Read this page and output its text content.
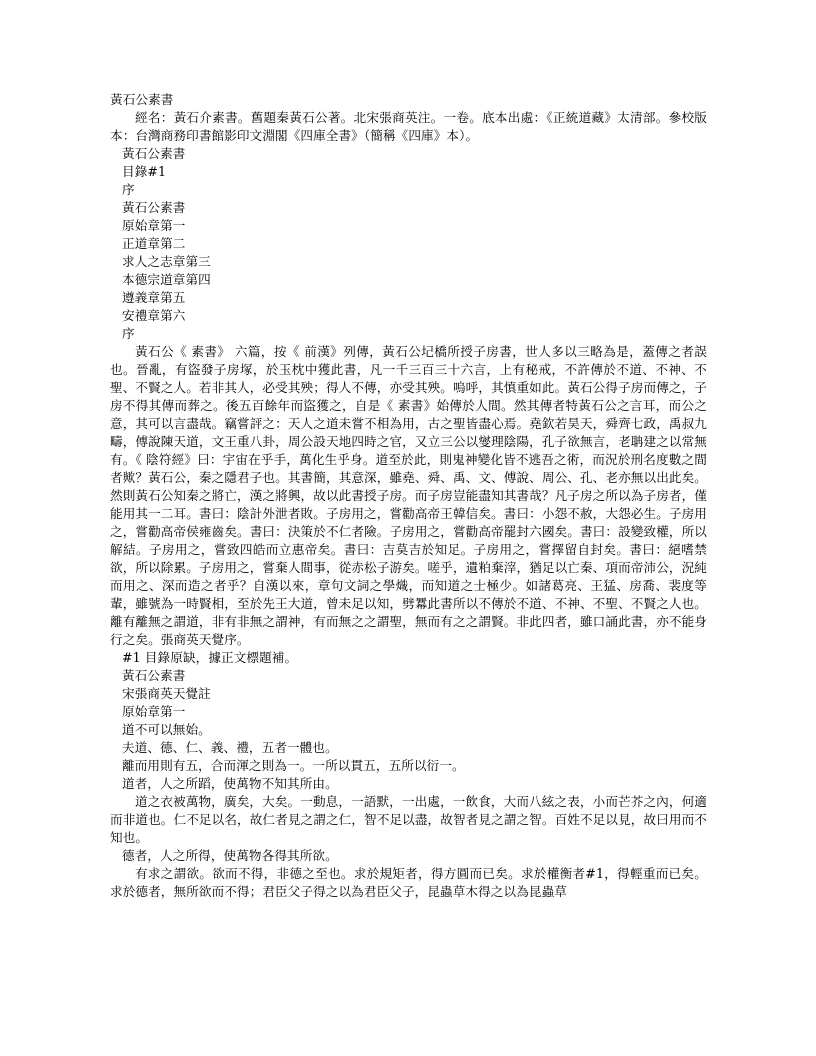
黃石公素書

經名：黃石介素書。舊題秦黃石公著。北宋張商英注。一卷。底本出處：《正統道藏》太清部。參校版本：台灣商務印書館影印文淵閣《四庫全書》（簡稱《四庫》本）。

黃石公素書

目錄#1

序

黃石公素書

原始章第一

正道章第二

求人之志章第三

本德宗道章第四

遵義章第五

安禮章第六

序

黃石公《 素書》 六篇，按《 前漢》列傳，黃石公圮橋所授子房書，世人多以三略為是，蓋傳之者誤也。晉亂，有盜發子房塚，於玉枕中獲此書，凡一千三百三十六言，上有秘戒，不許傳於不道、不神、不聖、不賢之人。若非其人，必受其殃；得人不傳，亦受其殃。嗚呼，其慎重如此。黃石公得子房而傳之，子房不得其傳而葬之。後五百餘年而盜獲之，自是《 素書》始傳於人間。然其傳者特黃石公之言耳，而公之意，其可以言盡哉。竊嘗評之：天人之道未嘗不相為用，古之聖皆盡心焉。堯欽若昊天，舜齊七政，禹叔九疇，傅說陳天道，文王重八卦，周公設天地四時之官，又立三公以燮理陰陽，孔子欲無言，老聃建之以常無有。《 陰符經》曰：宇宙在乎手，萬化生乎身。道至於此，則鬼神變化皆不逃吾之術，而況於刑名度數之間者歟？黃石公，秦之隱君子也。其書簡，其意深，雖堯、舜、禹、文、傅說、周公、孔、老亦無以出此矣。然則黃石公知秦之將亡，漢之將興，故以此書授子房。而子房豈能盡知其書哉？凡子房之所以為子房者，僅能用其一二耳。書曰：陰計外泄者敗。子房用之，嘗勸高帝王韓信矣。書曰：小怨不赦，大怨必生。子房用之，嘗勸高帝侯雍齒矣。書曰：決策於不仁者險。子房用之，嘗勸高帝罷封六國矣。書曰：設變致權，所以解結。子房用之，嘗致四皓而立惠帝矣。書曰：吉莫吉於知足。子房用之，嘗擇留自封矣。書曰：絕嗜禁欲，所以除累。子房用之，嘗棄人間事，從赤松子游矣。嗟乎，遺粕棄滓，猶足以亡秦、項而帝沛公，況純而用之、深而造之者乎？自漢以來，章句文詞之學熾，而知道之士極少。如諸葛亮、王猛、房喬、裴度等輩，雖號為一時賢相，至於先王大道，曾未足以知，劈羃此書所以不傳於不道、不神、不聖、不賢之人也。離有離無之謂道，非有非無之謂神，有而無之之謂聖，無而有之之謂賢。非此四者，雖口誦此書，亦不能身行之矣。張商英天覺序。

#1 目錄原缺，據正文標題補。

黃石公素書

宋張商英天覺註

原始章第一

道不可以無始。

夫道、德、仁、義、禮，五者一體也。

離而用則有五，合而渾之則為一。一所以貫五，五所以衍一。

道者，人之所蹈，使萬物不知其所由。

道之衣被萬物，廣矣，大矣。一動息，一語默，一出處，一飲食，大而八絃之表，小而芒芥之內，何適而非道也。仁不足以名，故仁者見之謂之仁，智不足以盡，故智者見之謂之智。百姓不足以見，故曰用而不知也。

德者，人之所得，使萬物各得其所欲。

有求之謂欲。欲而不得，非德之至也。求於規矩者，得方圓而已矣。求於權衡者#1，得輕重而已矣。求於德者，無所欲而不得；君臣父子得之以為君臣父子，昆蟲草木得之以為昆蟲草
